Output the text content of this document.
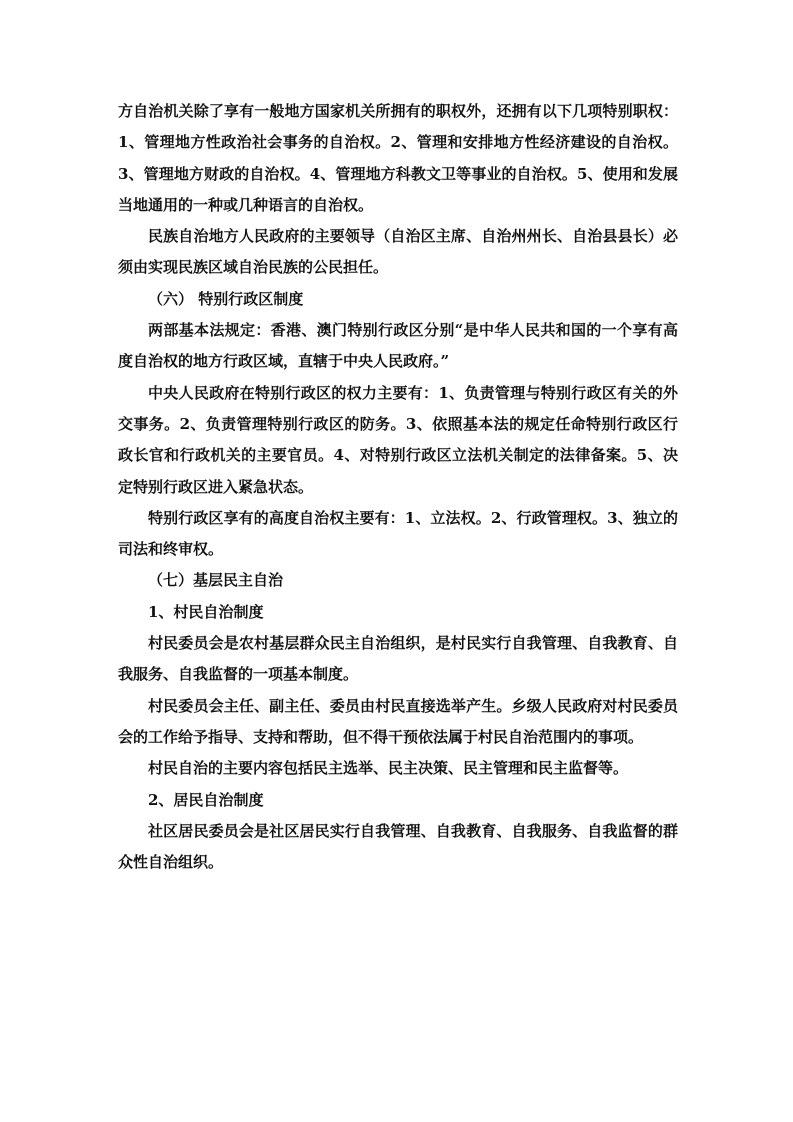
方自治机关除了享有一般地方国家机关所拥有的职权外，还拥有以下几项特别职权：1、管理地方性政治社会事务的自治权。2、管理和安排地方性经济建设的自治权。3、管理地方财政的自治权。4、管理地方科教文卫等事业的自治权。5、使用和发展当地通用的一种或几种语言的自治权。

民族自治地方人民政府的主要领导（自治区主席、自治州州长、自治县县长）必须由实现民族区域自治民族的公民担任。

（六） 特别行政区制度

两部基本法规定：香港、澳门特别行政区分别“是中华人民共和国的一个享有高度自治权的地方行政区域，直辖于中央人民政府。”

中央人民政府在特别行政区的权力主要有：1、负责管理与特别行政区有关的外交事务。2、负责管理特别行政区的防务。3、依照基本法的规定任命特别行政区行政长官和行政机关的主要官员。4、对特别行政区立法机关制定的法律备案。5、决定特别行政区进入紧急状态。

特别行政区享有的高度自治权主要有：1、立法权。2、行政管理权。3、独立的司法和终审权。

（七）基层民主自治

1、村民自治制度

村民委员会是农村基层群众民主自治组织，是村民实行自我管理、自我教育、自我服务、自我监督的一项基本制度。

村民委员会主任、副主任、委员由村民直接选举产生。乡级人民政府对村民委员会的工作给予指导、支持和帮助，但不得干预依法属于村民自治范围内的事项。

村民自治的主要内容包括民主选举、民主决策、民主管理和民主监督等。

2、居民自治制度

社区居民委员会是社区居民实行自我管理、自我教育、自我服务、自我监督的群众性自治组织。
